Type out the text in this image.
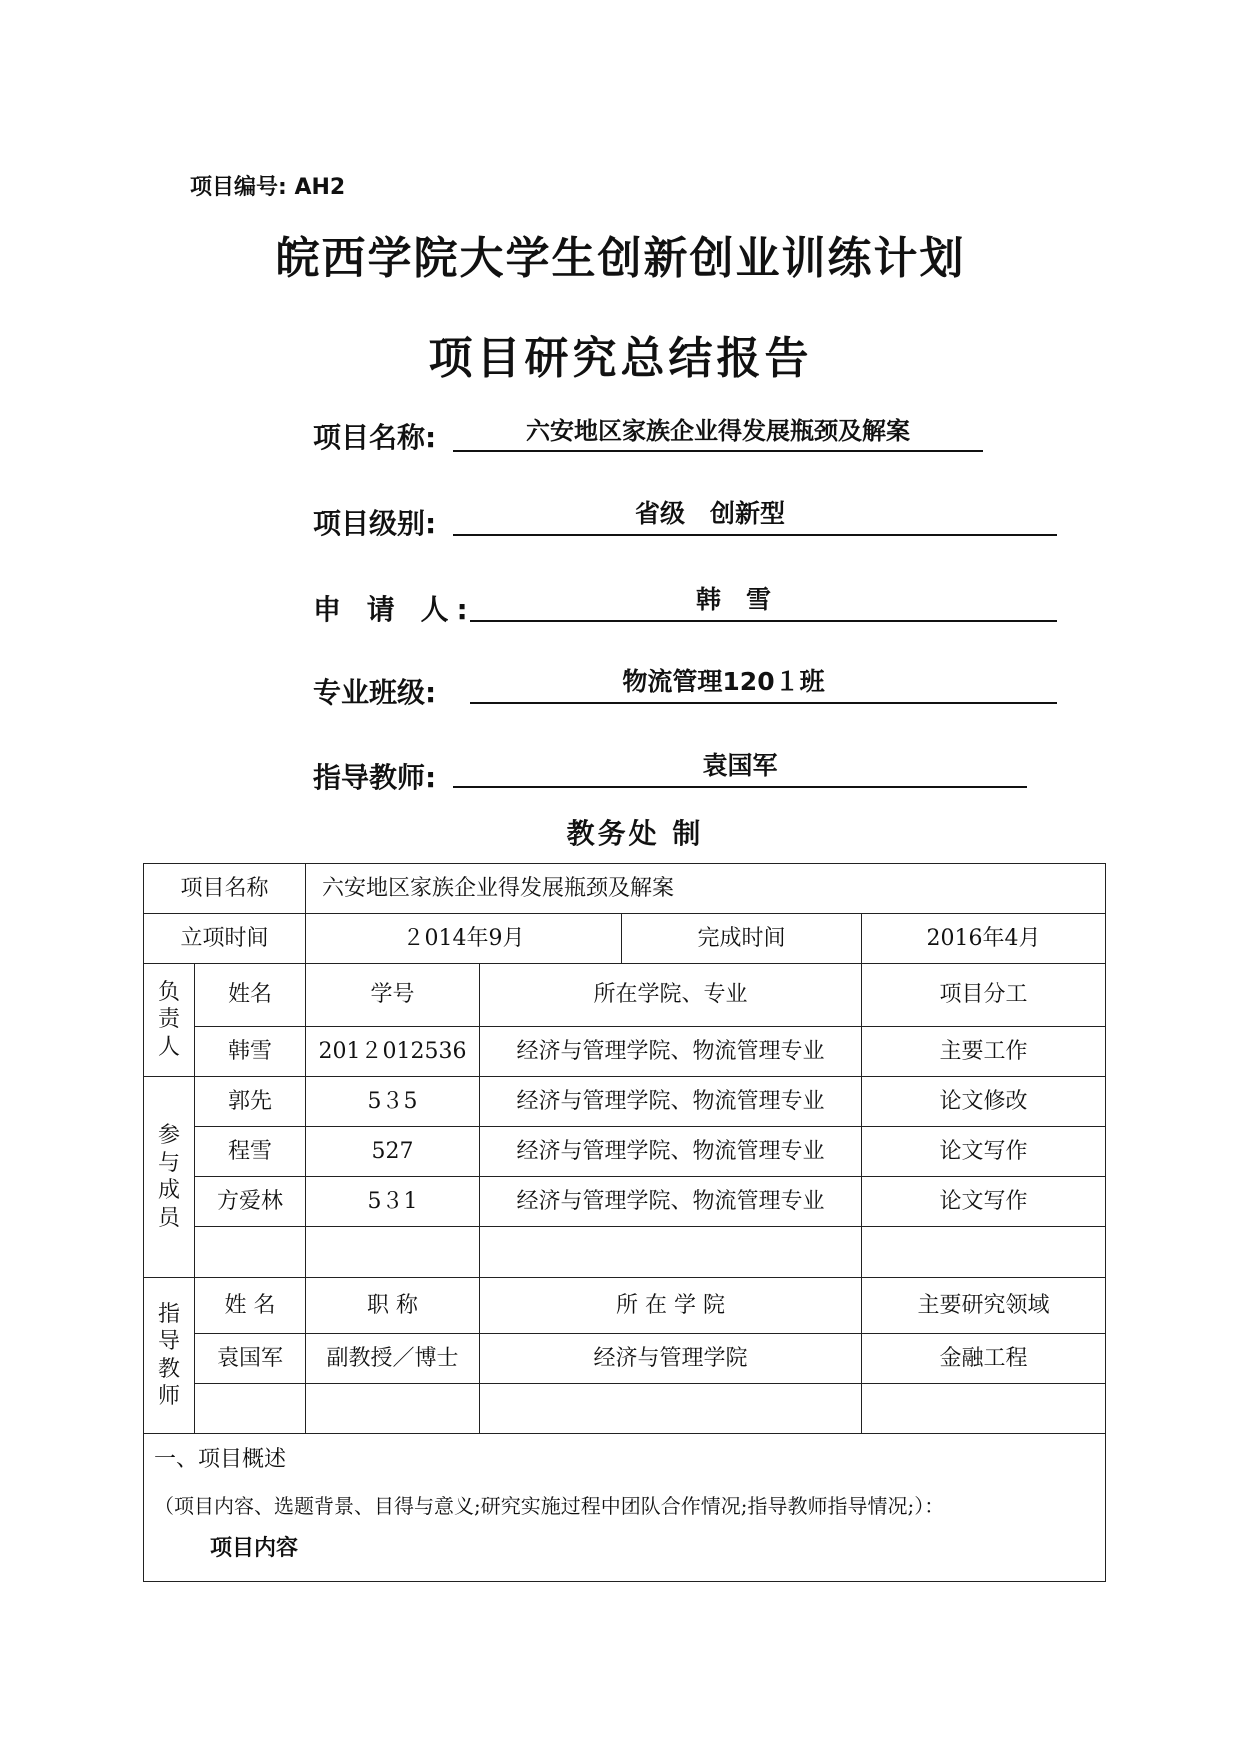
项目编号: AH2
皖西学院大学生创新创业训练计划
项目研究总结报告
项目名称:	六安地区家族企业得发展瓶颈及解案
项目级别:	省级　创新型
申 请 人:	韩　雪
专业班级:	物流管理120１班
指导教师:	袁国军
教务处 制
项目名称		六安地区家族企业得发展瓶颈及解案			
立项时间		２014年9月		完成时间	2016年4月

负
责
人	姓名	学号	所在学院、专业		项目分工
	韩雪	201２012536	经济与管理学院、物流管理专业		主要工作

参
与
成
员	郭先	5３5	经济与管理学院、物流管理专业		论文修改
	程雪	527	经济与管理学院、物流管理专业		论文写作
	方爱林	5３1	经济与管理学院、物流管理专业		论文写作

指
导
教
师	姓 名	职 称	所 在 学 院		主要研究领域
	袁国军	副教授／博士	经济与管理学院		金融工程

一、项目概述
（项目内容、选题背景、目得与意义;研究实施过程中团队合作情况;指导教师指导情况;）：
项目内容					
